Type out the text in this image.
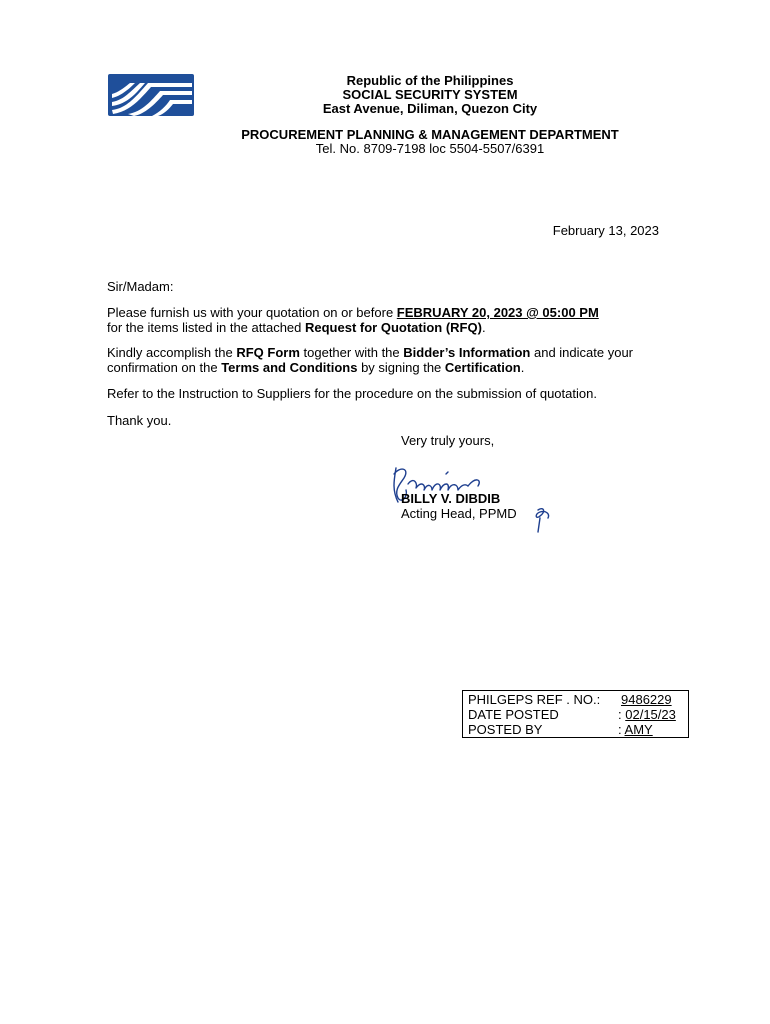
Republic of the Philippines
SOCIAL SECURITY SYSTEM
East Avenue, Diliman, Quezon City
PROCUREMENT PLANNING & MANAGEMENT DEPARTMENT
Tel. No. 8709-7198 loc 5504-5507/6391
February 13, 2023
Sir/Madam:
Please furnish us with your quotation on or before FEBRUARY 20, 2023 @ 05:00 PM
for the items listed in the attached Request for Quotation (RFQ).
Kindly accomplish the RFQ Form together with the Bidder’s Information and indicate your confirmation on the Terms and Conditions by signing the Certification.
Refer to the Instruction to Suppliers for the procedure on the submission of quotation.
Thank you.
Very truly yours,
BILLY V. DIBDIB
Acting Head, PPMD
PHILGEPS REF . NO.: 9486229
DATE POSTED	: 02/15/23
POSTED BY	: AMY
